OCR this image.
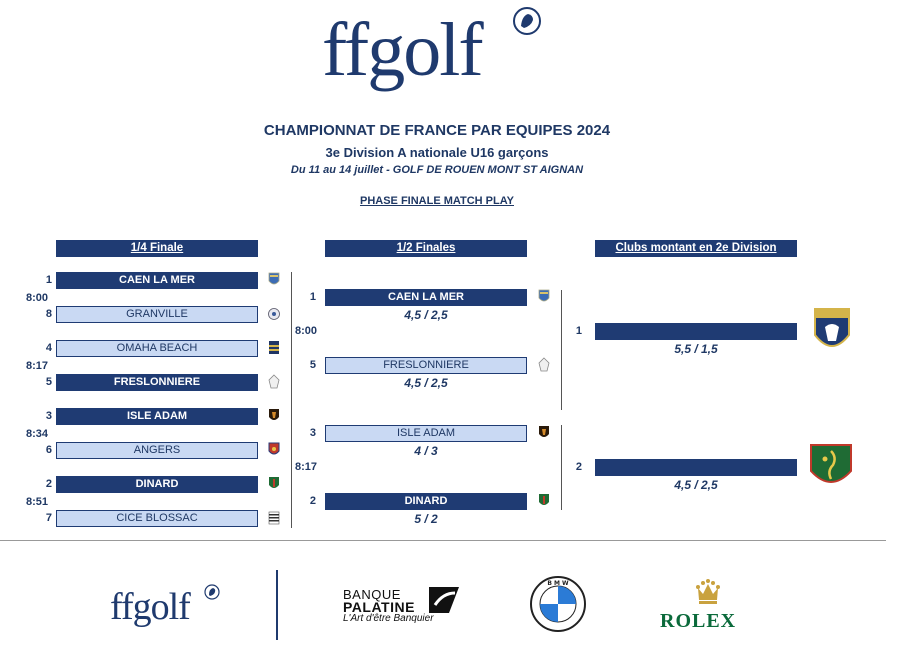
ffgolf
CHAMPIONNAT DE FRANCE PAR EQUIPES 2024
3e Division A nationale U16 garçons
Du 11 au 14 juillet - GOLF DE ROUEN MONT ST AIGNAN
PHASE FINALE MATCH PLAY
1/4 Finale	1/2 Finales	Clubs montant en 2e Division
1	CAEN LA MER
8:00
8	GRANVILLE
4	OMAHA BEACH
8:17
5	FRESLONNIERE
3	ISLE ADAM
8:34
6	ANGERS
2	DINARD
8:51
7	CICE BLOSSAC
1	CAEN LA MER
4,5 / 2,5
8:00
5	FRESLONNIERE
4,5 / 2,5
3	ISLE ADAM
4 / 3
8:17
2	DINARD
5 / 2
1
5,5 / 1,5
2
4,5 / 2,5
ffgolf	BANQUE
PALATINE
L'Art d'être Banquier
B M W
ROLEX
